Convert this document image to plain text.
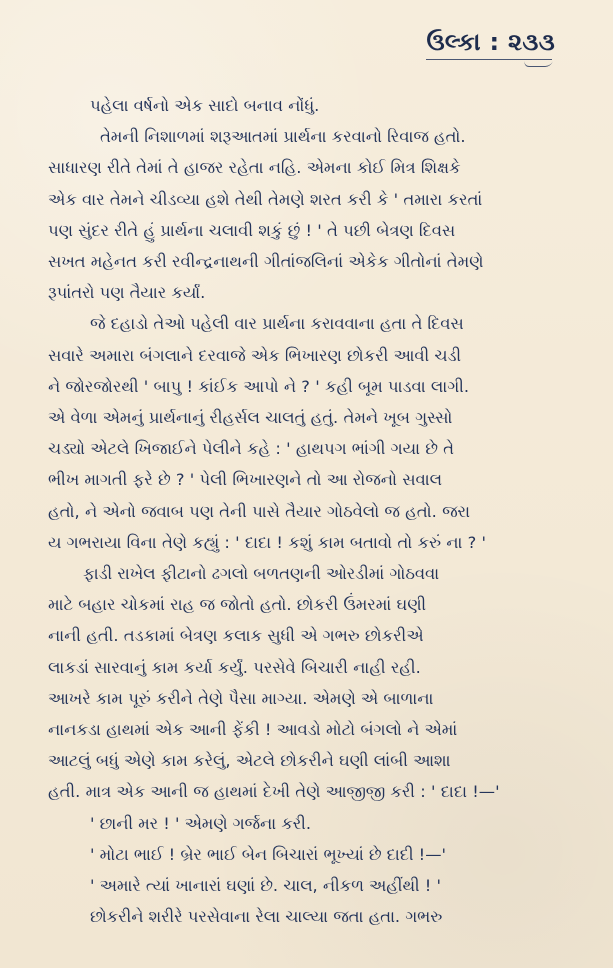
ઉલ્કા : ૨૩૩

પહેલા વર્ષનો એક સાદો બનાવ નોંધું.

તેમની નિશાળમાં શરૂઆતમાં પ્રાર્થના કરવાનો રિવાજ હતો.

સાધારણ રીતે તેમાં તે હાજર રહેતા નહિ. એમના કોઈ મિત્ર શિક્ષકે

એક વાર તેમને ચીડવ્યા હશે તેથી તેમણે શરત કરી કે ' તમારા કરતાં

પણ સુંદર રીતે હું પ્રાર્થના ચલાવી શકું છું ! ' તે પછી બેત્રણ દિવસ

સખત મહેનત કરી રવીન્દ્રનાથની ગીતાંજલિનાં એકેક ગીતોનાં તેમણે

રૂપાંતરો પણ તૈયાર કર્યાં.

જે દહાડો તેઓ પહેલી વાર પ્રાર્થના કરાવવાના હતા તે દિવસ

સવારે અમારા બંગલાને દરવાજે એક ભિખારણ છોકરી આવી ચડી

ને જોરજોરથી ' બાપુ ! કાંઈક આપો ને ? ' કહી બૂમ પાડવા લાગી.

એ વેળા એમનું પ્રાર્થનાનું રીહર્સલ ચાલતું હતું. તેમને ખૂબ ગુસ્સો

ચડ્યો એટલે ખિજાઈને પેલીને કહે : ' હાથપગ ભાંગી ગયા છે તે

ભીખ માગતી ફરે છે ? ' પેલી ભિખારણને તો આ રોજનો સવાલ

હતો, ને એનો જવાબ પણ તેની પાસે તૈયાર ગોઠવેલો જ હતો. જરા

ય ગભરાયા વિના તેણે કહ્યું : ' દાદા ! કશું કામ બતાવો તો કરું ના ? '

ફાડી રાખેલ ફીટાનો ઢગલો બળતણની ઓરડીમાં ગોઠવવા

માટે બહાર ચોકમાં રાહ જ જોતો હતો. છોકરી ઉંમરમાં ઘણી

નાની હતી. તડકામાં બેત્રણ કલાક સુધી એ ગભરુ છોકરીએ

લાકડાં સારવાનું કામ કર્યા કર્યું. પરસેવે બિચારી નાહી રહી.

આખરે કામ પૂરું કરીને તેણે પૈસા માગ્યા. એમણે એ બાળાના

નાનકડા હાથમાં એક આની ફેંકી ! આવડો મોટો બંગલો ને એમાં

આટલું બધું એણે કામ કરેલું, એટલે છોકરીને ઘણી લાંબી આશા

હતી. માત્ર એક આની જ હાથમાં દેખી તેણે આજીજી કરી : ' દાદા !—'

' છાની મર ! ' એમણે ગર્જના કરી.

' મોટા ભાઈ ! બ્રેર ભાઈ બેન બિચારાં ભૂખ્યાં છે દાદી !—'

' અમારે ત્યાં ખાનારાં ઘણાં છે. ચાલ, નીકળ અહીંથી ! '

છોકરીને શરીરે પરસેવાના રેલા ચાલ્યા જતા હતા. ગભરુ
